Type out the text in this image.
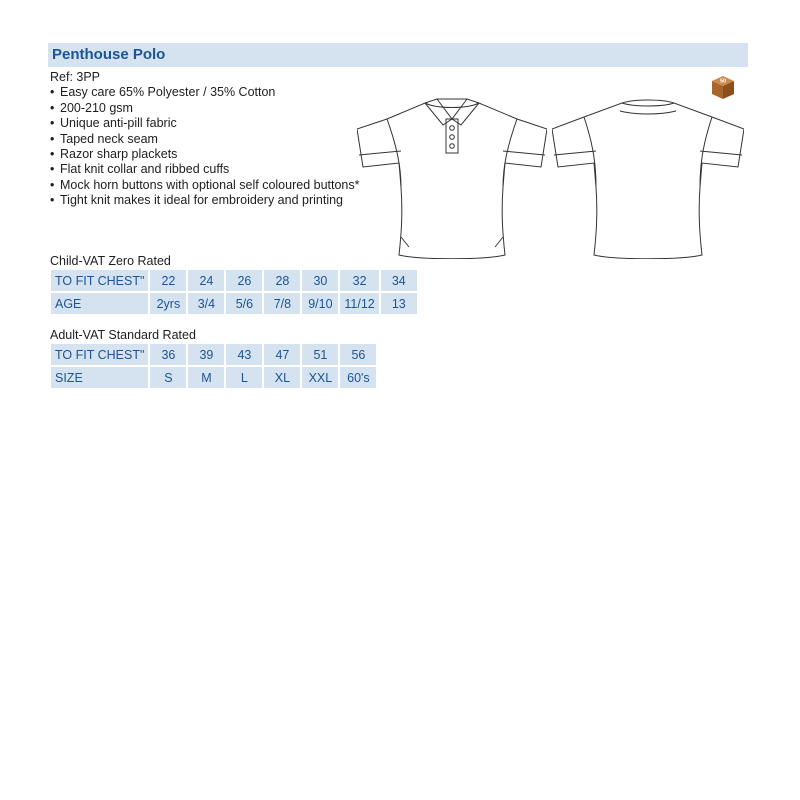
Penthouse Polo
50

Ref: 3PP

• Easy care 65% Polyester / 35% Cotton
• 200-210 gsm
• Unique anti-pill fabric
• Taped neck seam
• Razor sharp plackets
• Flat knit collar and ribbed cuffs
• Mock horn buttons with optional self coloured buttons*
• Tight knit makes it ideal for embroidery and printing
Child-VAT Zero Rated
TO FIT CHEST"	22	24	26	28	30	32	34
AGE	2yrs	3/4	5/6	7/8	9/10	11/12	13
Adult-VAT Standard Rated
TO FIT CHEST"	36	39	43	47	51	56
SIZE	S	M	L	XL	XXL	60's
